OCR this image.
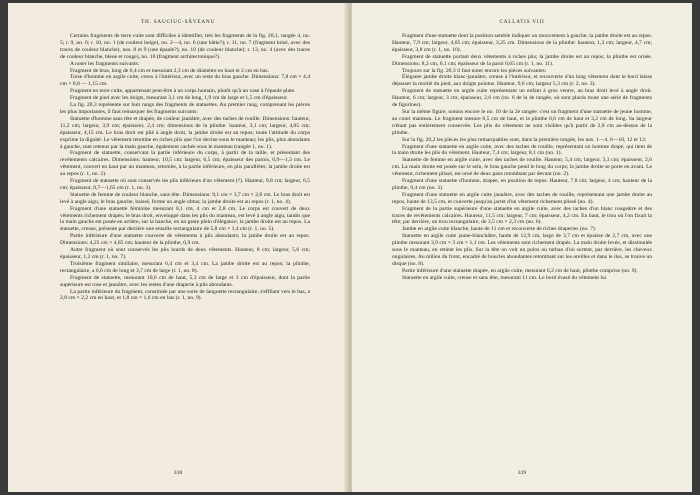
TH. SAUCIUC-SĂVEANU

Certains fragments de terre cuite sont difficiles à identifier, tels les fragments de la fig. 20,1, rangée 4, no. 5; r. 9, no. 6; r. 10, no. 1 (de couleur beige), no. 2—4, no. 6 (une bâtie?); r. 11, no. 7 (fragment brisé, avec des traces de couleur blanche), nos. 8 et 9 (une épaule?), no. 10 (de couleur blanche); r. 13, no. 4 (avec des traces de couleur blanche, bleue et rouge), no. 10 (fragment architectonique?).

A noter les fragments suivants:

Fragment de bras, long de 6,4 cm et mesurant 2,3 cm de diamètre en haut et 2 cm en bas.

Torse d'homme en argile cuite, creux à l'intérieur, avec un reste du bras gauche. Dimensions: 7,8 cm × 4,4 cm × 0,8 — 1,15 cm.

Fragment en terre cuite, appartenant peut-être à un corps humain, plutôt qu'à un vase à l'épaule plate.

Fragment de pied avec les doigts, mesurant 3,1 cm de long, 1,9 cm de large et 1,5 cm d'épaisseur.

La fig. 20,3 représente sur huit rangs des fragments de statuettes. Au premier rang, comprenant les pièces les plus importantes, il faut remarquer les fragments suivants:

Statuette d'homme sans tête et drapée, de couleur jaunâtre, avec des taches de rouille. Dimensions: hauteur, 11,2 cm; largeur, 3,9 cm; épaisseur, 2,4 cm; dimensions de la plinthe: hauteur, 3,1 cm; largeur, 4,05 cm; épaisseur, 4,15 cm. Le bras droit est plié à angle droit, la jambe droite est au repos; toute l'attitude du corps exprime la dignité. Le vêtement retombe en riches plis que l'on devine sous le manteau; les plis, plus abondants à gauche, sont retenus par la main gauche, également cachée sous le manteau (rangée 1, no. 1).

Fragment de statuette, conservant la partie inférieure du corps, à partir de la taille, et présentant des revêtements calcaires. Dimensions: hauteur, 10,5 cm; largeur, 6,5 cm; épaisseur des parois, 0,9—1,3 cm. Le vêtement, couvert en haut par un manteau, retombe, à la partie inférieure, en plis parallèles; la jambe droite est au repos (r. 1, no. 2).

Fragment de statuette où sont conservés les plis inférieurs d'un vêtement (?). Hauteur, 9,8 cm; largeur, 6,5 cm; épaisseur, 0,7—1,65 cm (r. 1, no. 3).

Statuette de femme de couleur blanche, sans tête. Dimensions: 9,1 cm × 3,7 cm × 2,8 cm. Le bras droit est levé à angle aigu, le bras gauche, baissé, forme un angle obtus; la jambe droite est au repos (r. 1, no. 4).

Fragment d'une statuette féminine mesurant 8,1 cm, 4 cm et 2,8 cm. Le corps est couvert de deux vêtements richement drapés; le bras droit, enveloppé dans les plis du manteau, est levé à angle aigu, tandis que la main gauche est posée en arrière, sur la hanche, en un geste plein d'élégance; la jambe droite est au repos. La statuette, creuse, présente par derrière une entaille rectangulaire de 5,8 cm × 1,4 cm (r. 1, no. 5).

Partie inférieure d'une statuette couverte de vêtements à plis abondants; la jambe droite est au repos. Dimensions: 4,25 cm × 4,85 cm; hauteur de la plinthe, 0,9 cm.

Autre fragment où sont conservés les plis lourds de deux vêtements. Hauteur, 8 cm; largeur, 5,6 cm; épaisseur, 1,2 cm (r. 1, no. 7).

Troisième fragment similaire, mesurant 6,4 cm et 3,4 cm. La jambe droite est au repos; la plinthe, rectangulaire, a 6,6 cm de long et 3,7 cm de large (r. 1, no. 8).

Fragment de statuette, mesurant 10,6 cm de haut, 5,3 cm de large et 3 cm d'épaisseur, dont la partie supérieure est rose et jaunâtre, avec les restes d'une draperie à plis abondants.

La partie inférieure du fragment, constituée par une sorte de languette rectangulaire, s'effilant vers le bas, a 2,8 cm × 2,2 cm en haut, et 1,8 cm × 1,6 cm en bas (r. 1, no. 9).

318
CALLATIS VIII

Fragment d'une statuette dont la position semble indiquer un mouvement à gauche; la jambe droite est au repos. Hauteur, 7,9 cm; largeur, 4,05 cm; épaisseur, 3,25 cm. Dimensions de la plinthe: hauteur, 1,3 cm; largeur, 4,7 cm; épaisseur, 3,8 cm (r. 1, no. 10).

Fragment de statuette portant deux vêtements à riches plis; la jambe droite est au repos; la plinthe est ornée. Dimensions: 8,2 cm, 6,1 cm; épaisseur de la paroi 0,65 cm (r. 1, no. 11).

Toujours sur la fig. 20,3 il faut noter encore les pièces suivantes:

Élégante jambe droite blanc-jaunâtre, creuse à l'intérieur, et recouverte d'un long vêtement dont le bord laisse dépasser la moitié du pied, aux doigts pointus. Hauteur, 9,6 cm; largeur 5,3 cm (r. 2, no. 3).

Fragment de statuette en argile cuite représentant un enfant à gros ventre, au bras droit levé à angle droit. Hauteur, 6 cm; largeur, 3 cm; épaisseur, 2,6 cm (no. 6 de la 4e rangée, où sont placés toute une série de fragments de figurines).

Sur la même figure, notons encore le no. 10 de la 2e rangée: c'est un fragment d'une statuette de jeune homme, au court manteau. Le fragment mesure 6,5 cm de haut, et la plinthe 0,6 cm de haut et 3,2 cm de long. Sa largeur n'étant pas entièrement conservée. Les plis du vêtement ne sont visibles qu'à partir de 2,8 cm au-dessus de la plinthe.

Sur la fig. 20,2 les pièces les plus remarquables sont, dans la première rangée, les nos. 1—4, 6—10, 12 et 13:

Fragment d'une statuette en argile cuite, avec des taches de rouille, représentant un homme drapé, qui tient de la main droite les plis du vêtement. Hauteur, 7,4 cm; largeur, 8,1 cm (no. 1).

Statuette de femme en argile cuite, avec des taches de rouille. Hauteur, 5,4 cm; largeur, 3,3 cm; épaisseur, 2,6 cm. La main droite est posée sur le sein, le bras gauche pend le long du corps; la jambe droite se porte en avant. Le vêtement, richement plissé, est orné de deux pans retombant par devant (no. 2).

Fragment d'une statuette d'homme, drapée, en position de repos. Hauteur, 7,8 cm; largeur, 4 cm; hauteur de la plinthe, 0,4 cm (no. 3).

Fragment d'une statuette en argile cuite jaunâtre, avec des taches de rouille, représentant une jambe droite au repos, haute de 13,5 cm, et couverte jusqu'au jarret d'un vêtement richement plissé (no. 4).

Fragment de la partie supérieure d'une statuette en argile cuite, avec des taches d'un blanc rougeâtre et des traces de revêtements calcaires. Hauteur, 11,5 cm; largeur, 7 cm; épaisseur, 4,2 cm. En haut, le trou où l'on fixait la tête; par derrière, un trou rectangulaire, de 3,5 cm × 2,3 cm (no. 6).

Jambe en argile cuite blanche, haute de 11 cm et recouverte de riches draperies (no. 7).

Statuette en argile cuite jaune-blanchâtre, haute de 12,9 cm, large de 3,7 cm et épaisse de 2,7 cm, avec une plinthe mesurant 3,9 cm × 3 cm × 1,1 cm. Les vêtements sont richement drapés. La main droite levée, et dissimulée sous le manteau, en retient les plis. Sur la tête on voit un polos ou turban d'où sortent, par derrière, les cheveux ongulaires. Au milieu du front, encadré de boucles abondantes retombant sur les oreilles et dans le dos, se trouve un disque (no. 8).

Partie inférieure d'une statuette drapée, en argile cuite, mesurant 6,2 cm de haut, plinthe comprise (no. 9).

Statuette en argile cuite, creuse et sans tête, mesurant 11 cm. Le bord évasé du vêtement lui

319
